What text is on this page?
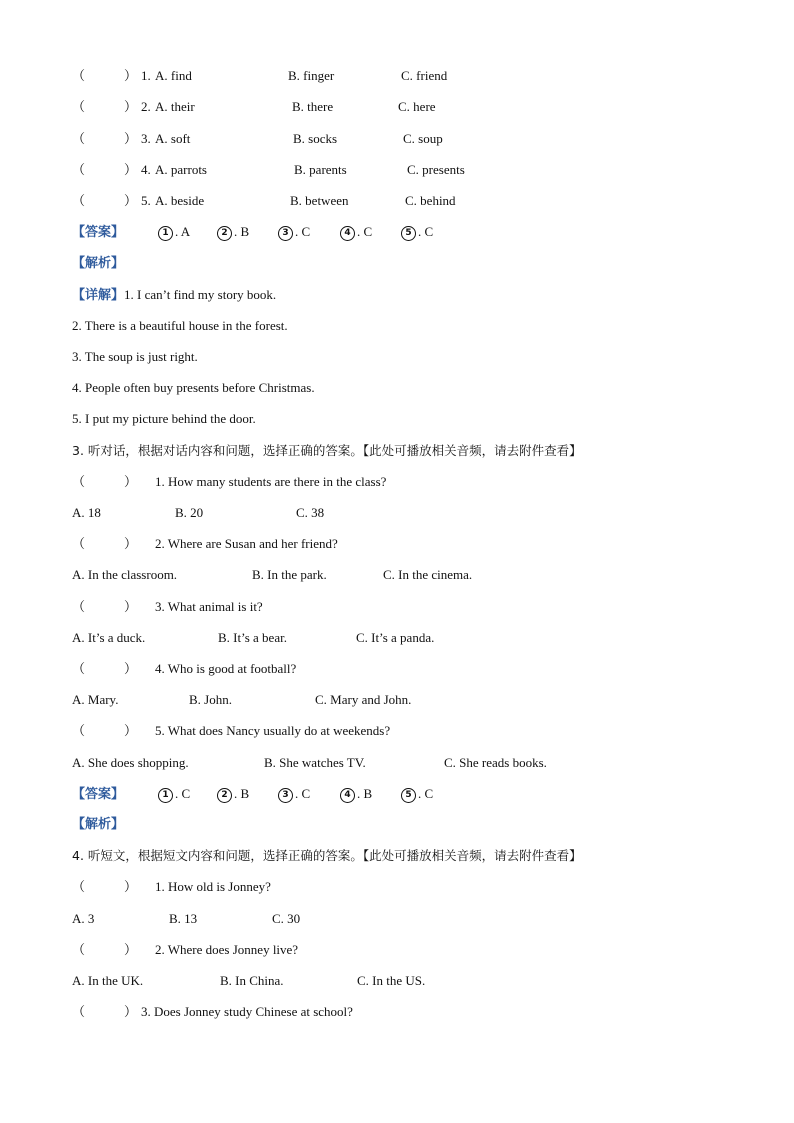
（　　　） 1. A. find	B. finger	C. friend
（　　　） 2. A. their	B. there	C. here
（　　　） 3. A. soft	B. socks	C. soup
（　　　） 4. A. parrots	B. parents	C. presents
（　　　） 5. A. beside	B. between	C. behind
【答案】	1 . A	2 . B	3 . C	4 . C	5 . C
【解析】
【详解】1. I can’t find my story book.
2. There is a beautiful house in the forest.
3. The soup is just right.
4. People often buy presents before Christmas.
5. I put my picture behind the door.
3. 听对话，根据对话内容和问题，选择正确的答案。【此处可播放相关音频，请去附件查看】
（　　　） 1. How many students are there in the class?
A. 18	B. 20	C. 38
（　　　） 2. Where are Susan and her friend?
A. In the classroom.	B. In the park.	C. In the cinema.
（　　　） 3. What animal is it?
A. It’s a duck.	B. It’s a bear.	C. It’s a panda.
（　　　） 4. Who is good at football?
A. Mary.	B. John.	C. Mary and John.
（　　　） 5. What does Nancy usually do at weekends?
A. She does shopping.	B. She watches TV.	C. She reads books.
【答案】	1 . C	2 . B	3 . C	4 . B	5 . C
【解析】
4. 听短文，根据短文内容和问题，选择正确的答案。【此处可播放相关音频，请去附件查看】
（　　　） 1. How old is Jonney?
A. 3	B. 13	C. 30
（　　　） 2. Where does Jonney live?
A. In the UK.	B. In China.	C. In the US.
（　　　） 3. Does Jonney study Chinese at school?
